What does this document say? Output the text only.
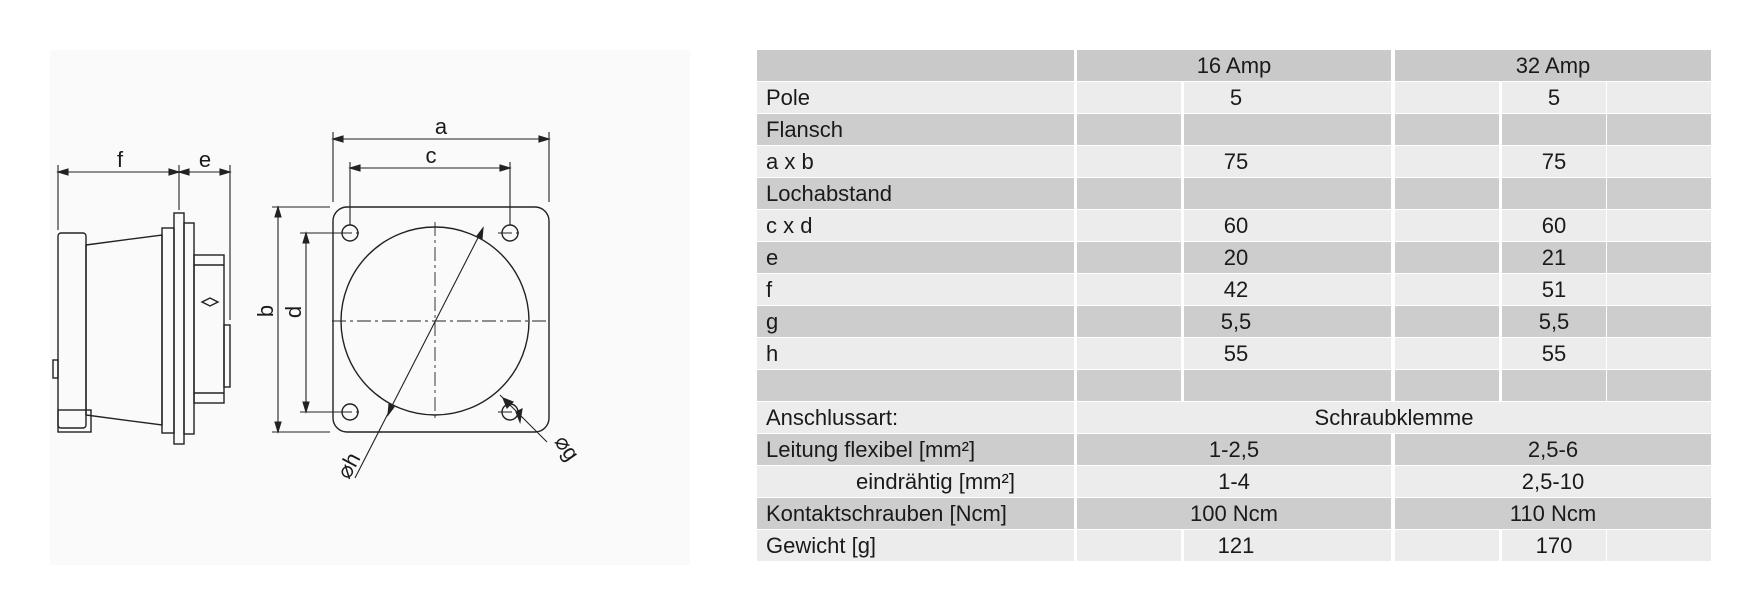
f	e
a
c
b d
⌀h
⌀g
16 Amp	32 Amp
Pole	5	5
Flansch
a x b	75	75
Lochabstand
c x d	60	60
e	20	21
f	42	51
g	5,5	5,5
h	55	55
Anschlussart:	Schraubklemme
Leitung flexibel [mm²]	1-2,5	2,5-6
eindrähtig [mm²]	1-4	2,5-10
Kontaktschrauben [Ncm]	100 Ncm	110 Ncm
Gewicht [g]	121	170
